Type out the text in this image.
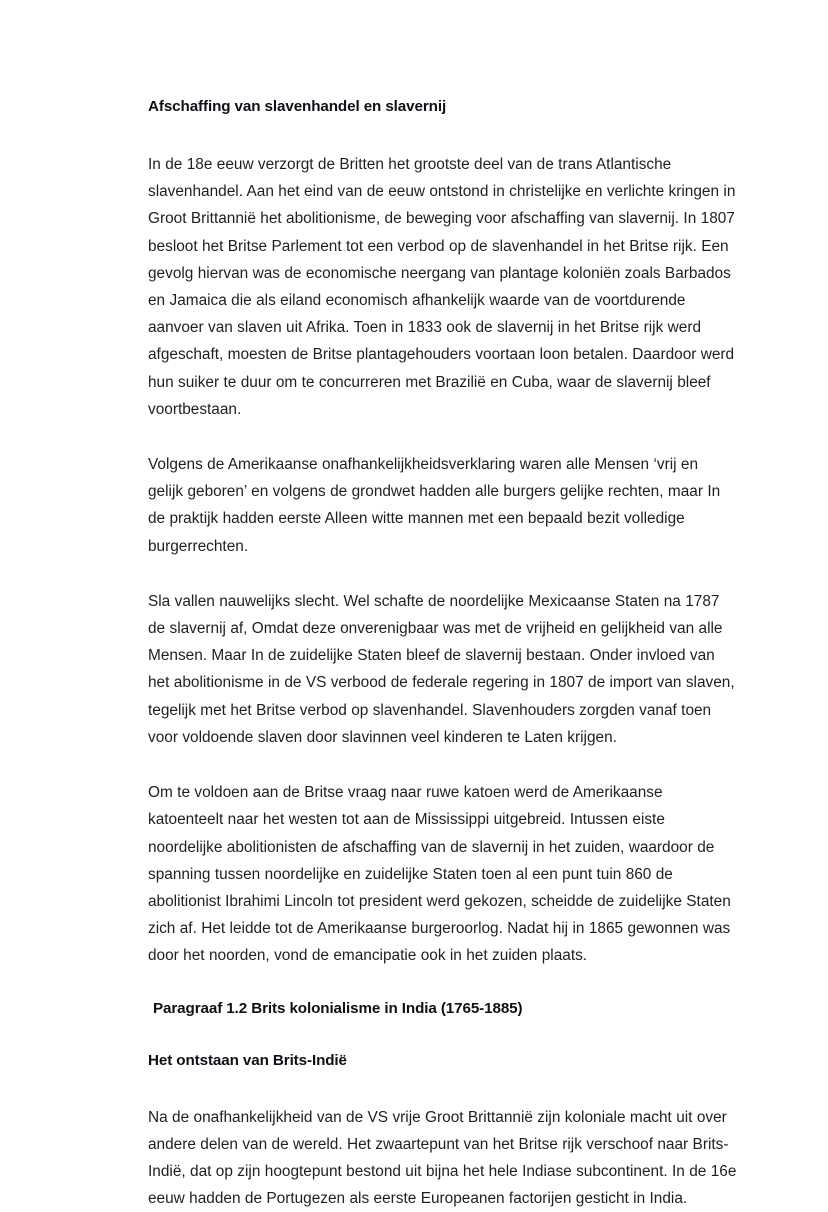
Afschaffing van slavenhandel en slavernij

In de 18e eeuw verzorgt de Britten het grootste deel van de trans Atlantische slavenhandel. Aan het eind van de eeuw ontstond in christelijke en verlichte kringen in Groot Brittannië het abolitionisme, de beweging voor afschaffing van slavernij. In 1807 besloot het Britse Parlement tot een verbod op de slavenhandel in het Britse rijk. Een gevolg hiervan was de economische neergang van plantage koloniën zoals Barbados en Jamaica die als eiland economisch afhankelijk waarde van de voortdurende aanvoer van slaven uit Afrika. Toen in 1833 ook de slavernij in het Britse rijk werd afgeschaft, moesten de Britse plantagehouders voortaan loon betalen. Daardoor werd hun suiker te duur om te concurreren met Brazilië en Cuba, waar de slavernij bleef voortbestaan.

Volgens de Amerikaanse onafhankelijkheidsverklaring waren alle Mensen ‘vrij en gelijk geboren’ en volgens de grondwet hadden alle burgers gelijke rechten, maar In de praktijk hadden eerste Alleen witte mannen met een bepaald bezit volledige burgerrechten.

Sla vallen nauwelijks slecht. Wel schafte de noordelijke Mexicaanse Staten na 1787 de slavernij af, Omdat deze onverenigbaar was met de vrijheid en gelijkheid van alle Mensen. Maar In de zuidelijke Staten bleef de slavernij bestaan. Onder invloed van het abolitionisme in de VS verbood de federale regering in 1807 de import van slaven, tegelijk met het Britse verbod op slavenhandel. Slavenhouders zorgden vanaf toen voor voldoende slaven door slavinnen veel kinderen te Laten krijgen.

Om te voldoen aan de Britse vraag naar ruwe katoen werd de Amerikaanse katoenteelt naar het westen tot aan de Mississippi uitgebreid. Intussen eiste noordelijke abolitionisten de afschaffing van de slavernij in het zuiden, waardoor de spanning tussen noordelijke en zuidelijke Staten toen al een punt tuin 860 de abolitionist Ibrahimi Lincoln tot president werd gekozen, scheidde de zuidelijke Staten zich af. Het leidde tot de Amerikaanse burgeroorlog. Nadat hij in 1865 gewonnen was door het noorden, vond de emancipatie ook in het zuiden plaats.

Paragraaf 1.2 Brits kolonialisme in India (1765-1885)
Het ontstaan van Brits-Indië

Na de onafhankelijkheid van de VS vrije Groot Brittannië zijn koloniale macht uit over andere delen van de wereld. Het zwaartepunt van het Britse rijk verschoof naar Brits-Indië, dat op zijn hoogtepunt bestond uit bijna het hele Indiase subcontinent. In de 16e eeuw hadden de Portugezen als eerste Europeanen factorijen gesticht in India.
